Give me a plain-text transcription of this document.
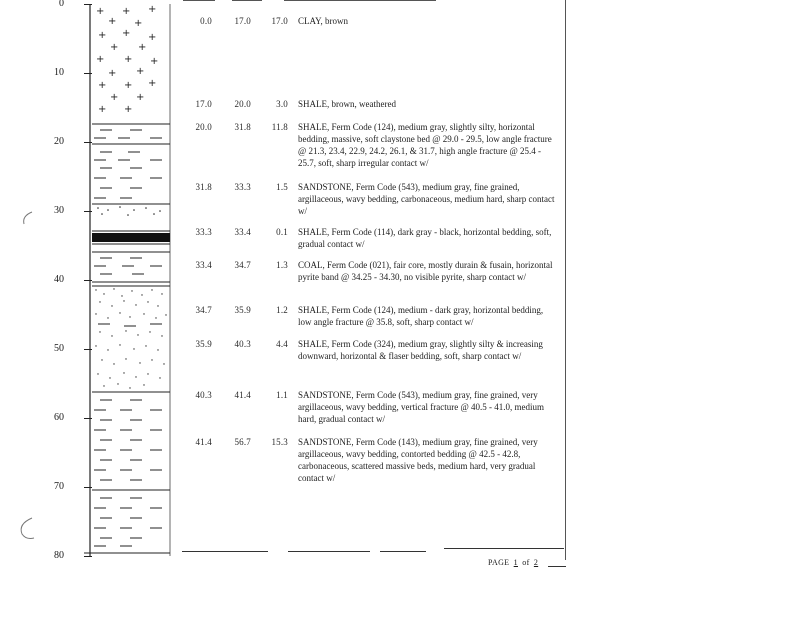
+ + +
+ +
+ + +
+ +
+ + +
+ +
+ + +
+ +
+ +
0
10
20
30
40
50
60
70
80
0.0	17.0	17.0 CLAY, brown
17.0	20.0	3.0 SHALE, brown, weathered
20.0	31.8	11.8 SHALE, Ferm Code (124), medium gray, slightly silty, horizontal bedding, massive, soft claystone bed @ 29.0 - 29.5, low angle fracture @ 21.3, 23.4, 22.9, 24.2, 26.1, & 31.7, high angle fracture @ 25.4 - 25.7, soft, sharp irregular contact w/
31.8	33.3	1.5 SANDSTONE, Ferm Code (543), medium gray, fine grained, argillaceous, wavy bedding, carbonaceous, medium hard, sharp contact w/
33.3	33.4	0.1 SHALE, Ferm Code (114), dark gray - black, horizontal bedding, soft, gradual contact w/
33.4	34.7	1.3 COAL, Ferm Code (021), fair core, mostly durain & fusain, horizontal pyrite band @ 34.25 - 34.30, no visible pyrite, sharp contact w/
34.7	35.9	1.2 SHALE, Ferm Code (124), medium - dark gray, horizontal bedding, low angle fracture @ 35.8, soft, sharp contact w/
35.9	40.3	4.4 SHALE, Ferm Code (324), medium gray, slightly silty & increasing downward, horizontal & flaser bedding, soft, sharp contact w/
40.3	41.4	1.1 SANDSTONE, Ferm Code (543), medium gray, fine grained, very argillaceous, wavy bedding, vertical fracture @ 40.5 - 41.0, medium hard, gradual contact w/
41.4	56.7	15.3 SANDSTONE, Ferm Code (143), medium gray, fine grained, very argillaceous, wavy bedding, contorted bedding @ 42.5 - 42.8, carbonaceous, scattered massive beds, medium hard, very gradual contact w/
PAGE 1 of 2
